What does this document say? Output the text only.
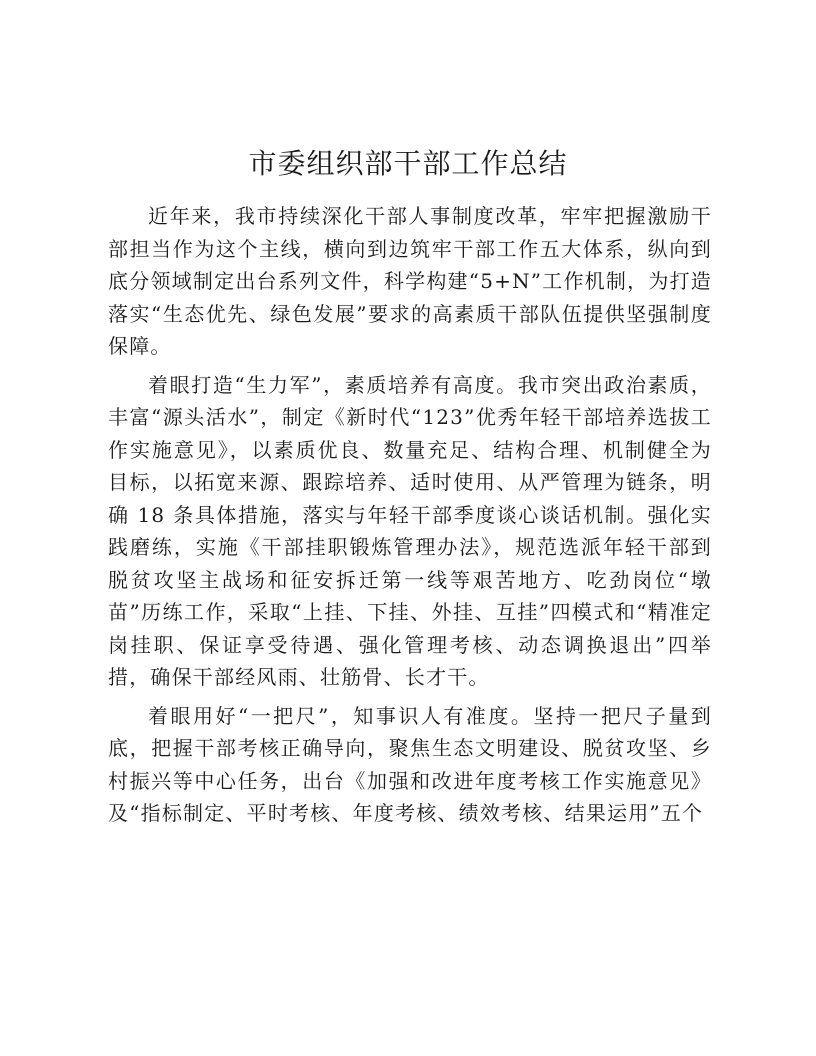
市委组织部干部工作总结

近年来，我市持续深化干部人事制度改革，牢牢把握激励干部担当作为这个主线，横向到边筑牢干部工作五大体系，纵向到底分领域制定出台系列文件，科学构建“5+N”工作机制，为打造落实“生态优先、绿色发展”要求的高素质干部队伍提供坚强制度保障。

着眼打造“生力军”，素质培养有高度。我市突出政治素质，丰富“源头活水”，制定《新时代“123”优秀年轻干部培养选拔工作实施意见》，以素质优良、数量充足、结构合理、机制健全为目标，以拓宽来源、跟踪培养、适时使用、从严管理为链条，明确 18 条具体措施，落实与年轻干部季度谈心谈话机制。强化实践磨练，实施《干部挂职锻炼管理办法》，规范选派年轻干部到脱贫攻坚主战场和征安拆迁第一线等艰苦地方、吃劲岗位“墩苗”历练工作，采取“上挂、下挂、外挂、互挂”四模式和“精准定岗挂职、保证享受待遇、强化管理考核、动态调换退出”四举措，确保干部经风雨、壮筋骨、长才干。

着眼用好“一把尺”，知事识人有准度。坚持一把尺子量到底，把握干部考核正确导向，聚焦生态文明建设、脱贫攻坚、乡村振兴等中心任务，出台《加强和改进年度考核工作实施意见》及“指标制定、平时考核、年度考核、绩效考核、结果运用”五个
